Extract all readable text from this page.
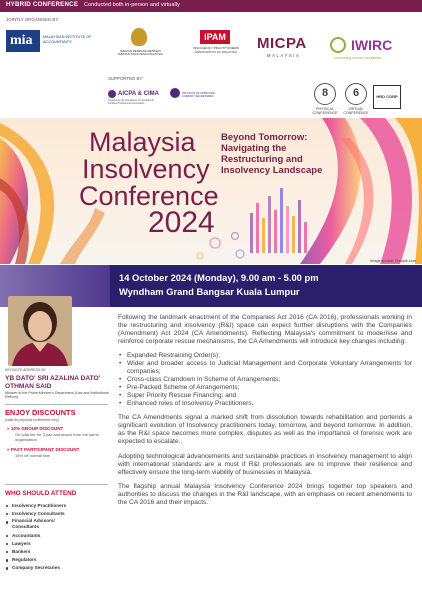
HYBRID CONFERENCE Conducted both in-person and virtually
JOINTLY ORGANISED BY:
mia	MALAYSIAN INSTITUTE OF ACCOUNTANTS
JABATAN PERDANA MENTERI
JABATAN INSOLVENSI MALAYSIA
iPAM
INSOLVENCY PRACTITIONERS ASSOCIATION OF MALAYSIA	MICPA
MALAYSIA
IWIRC
connecting women worldwide
SUPPORTED BY:
AICPA & CIMA
Together as the Association of International Certified Professional Accountants
INSTITUTE OF APPROVED COMPANY SECRETARIES	8
PHYSICAL CONFERENCE
6
VIRTUAL CONFERENCE
HRD CORP
Malaysia
Insolvency
Conference
2024
Beyond Tomorrow: Navigating the Restructuring and Insolvency Landscape
Image source: Freepik.com
14 October 2024 (Monday), 9.00 am - 5.00 pm
Wyndham Grand Bangsar Kuala Lumpur
KEYNOTE ADDRESS BY
YB DATO' SRI AZALINA DATO' OTHMAN SAID
Minister in the Prime Minister's Department (Law and Institutional Reform)
ENJOY DISCOUNTS
(valid for physical conference only)
» 10% GROUP DISCOUNT
On total fee for 3 pax and above from the same organisation
» PAST PARTICIPANT DISCOUNT
15% off normal rate
WHO SHOULD ATTEND
Insolvency Practitioners
Insolvency Consultants
Financial Advisors/ Consultants
Accountants
Lawyers
Bankers
Regulators
Company Secretaries

Following the landmark enactment of the Companies Act 2016 (CA 2016), professionals working in the restructuring and insolvency (R&I) space can expect further disruptions with the Companies (Amendment) Act 2024 (CA Amendments). Reflecting Malaysia's commitment to modernise and reinforce corporate rescue mechanisms, the CA Amendments will introduce key changes including:

• Expanded Restraining Order(s);
• Wider and broader access to Judicial Management and Corporate Voluntary Arrangements for companies;
• Cross-class Cramdown in Scheme of Arrangements;
• Pre-Packed Scheme of Arrangements;
• Super Priority Rescue Financing; and
• Enhanced roles of Insolvency Practitioners.

The CA Amendments signal a marked shift from dissolution towards rehabilitation and portends a significant evolution of Insolvency practitioners today, tomorrow, and beyond tomorrow. In addition, as the R&I space becomes more complex, disputes as well as the importance of forensic work are expected to escalate.

Adopting technological advancements and sustainable practices in insolvency management to align with international standards are a must if R&I professionals are to improve their resilience and effectively ensure the long-term viability of businesses in Malaysia.

The flagship annual Malaysia Insolvency Conference 2024 brings together top speakers and authorities to discuss the changes in the R&I landscape, with an emphasis on recent amendments to the CA 2016 and their impacts.
